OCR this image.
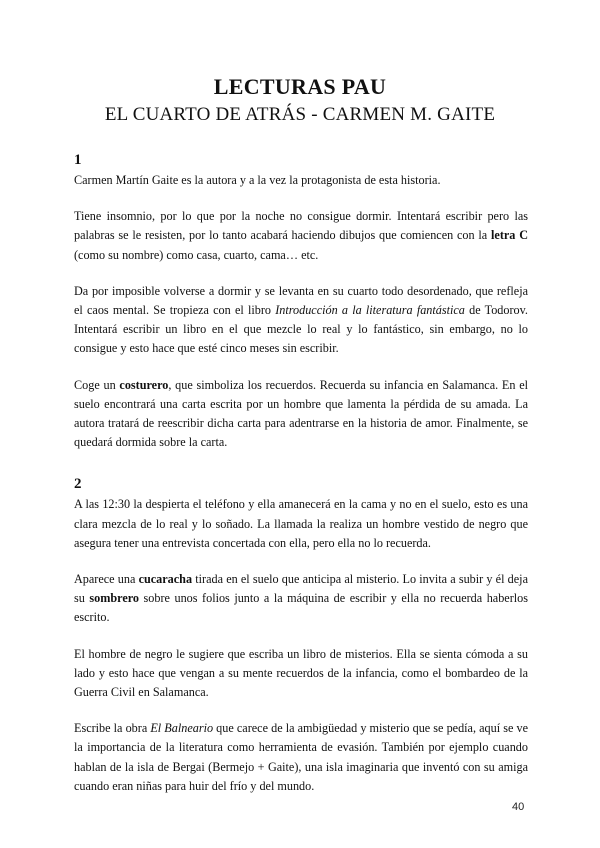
LECTURAS PAU
EL CUARTO DE ATRÁS - CARMEN M. GAITE
1

Carmen Martín Gaite es la autora y a la vez la protagonista de esta historia.

Tiene insomnio, por lo que por la noche no consigue dormir. Intentará escribir pero las palabras se le resisten, por lo tanto acabará haciendo dibujos que comiencen con la letra C (como su nombre) como casa, cuarto, cama… etc.

Da por imposible volverse a dormir y se levanta en su cuarto todo desordenado, que refleja el caos mental. Se tropieza con el libro Introducción a la literatura fantástica de Todorov. Intentará escribir un libro en el que mezcle lo real y lo fantástico, sin embargo, no lo consigue y esto hace que esté cinco meses sin escribir.

Coge un costurero, que simboliza los recuerdos. Recuerda su infancia en Salamanca. En el suelo encontrará una carta escrita por un hombre que lamenta la pérdida de su amada. La autora tratará de reescribir dicha carta para adentrarse en la historia de amor. Finalmente, se quedará dormida sobre la carta.

2

A las 12:30 la despierta el teléfono y ella amanecerá en la cama y no en el suelo, esto es una clara mezcla de lo real y lo soñado. La llamada la realiza un hombre vestido de negro que asegura tener una entrevista concertada con ella, pero ella no lo recuerda.

Aparece una cucaracha tirada en el suelo que anticipa al misterio. Lo invita a subir y él deja su sombrero sobre unos folios junto a la máquina de escribir y ella no recuerda haberlos escrito.

El hombre de negro le sugiere que escriba un libro de misterios. Ella se sienta cómoda a su lado y esto hace que vengan a su mente recuerdos de la infancia, como el bombardeo de la Guerra Civil en Salamanca.

Escribe la obra El Balneario que carece de la ambigüedad y misterio que se pedía, aquí se ve la importancia de la literatura como herramienta de evasión. También por ejemplo cuando hablan de la isla de Bergai (Bermejo + Gaite), una isla imaginaria que inventó con su amiga cuando eran niñas para huir del frío y del mundo.

40
